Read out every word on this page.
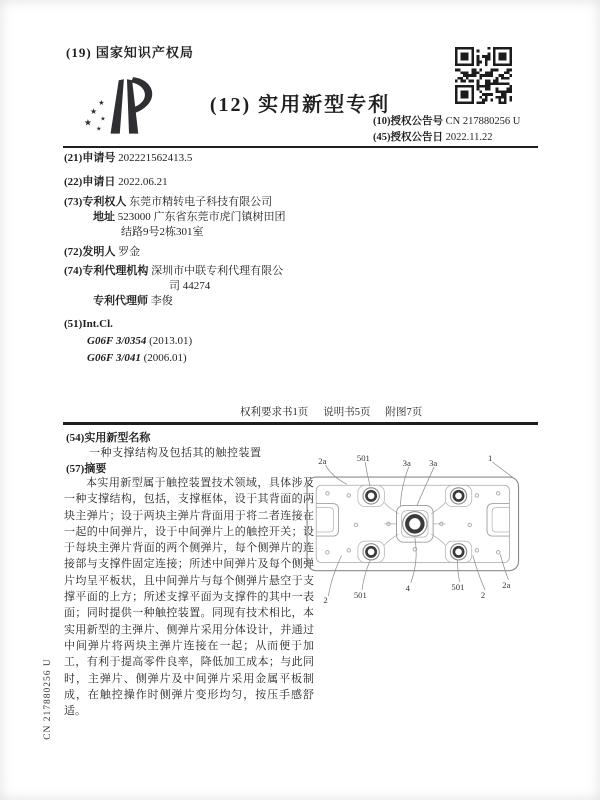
(19) 国家知识产权局
★
★
★
★
★
(12) 实用新型专利
(10)授权公告号 CN 217880256 U
(45)授权公告日 2022.11.22
(21)申请号 202221562413.5
(22)申请日 2022.06.21
(73)专利权人 东莞市精转电子科技有限公司
地址 523000 广东省东莞市虎门镇树田团
结路9号2栋301室
(72)发明人 罗金
(74)专利代理机构 深圳市中联专利代理有限公
司 44274
专利代理师 李俊
(51)Int.Cl.
G06F 3/0354 (2013.01)
G06F 3/041 (2006.01)
权利要求书1页 说明书5页 附图7页
(54)实用新型名称
一种支撑结构及包括其的触控装置
(57)摘要
本实用新型属于触控装置技术领域，具体涉及一种支撑结构，包括，支撑框体，设于其背面的两块主弹片；设于两块主弹片背面用于将二者连接在一起的中间弹片，设于中间弹片上的触控开关；设于每块主弹片背面的两个侧弹片，每个侧弹片的连接部与支撑件固定连接；所述中间弹片及每个侧弹片均呈平板状，且中间弹片与每个侧弹片悬空于支撑平面的上方；所述支撑平面为支撑件的其中一表面；同时提供一种触控装置。同现有技术相比，本实用新型的主弹片、侧弹片采用分体设计，并通过中间弹片将两块主弹片连接在一起；从而便于加工，有利于提高零件良率，降低加工成本；与此同时，主弹片、侧弹片及中间弹片采用金属平板制成，在触控操作时侧弹片变形均匀，按压手感舒适。
2a	501
3a 3a
1
2
501
4	501
2
2a
CN 217880256 U
